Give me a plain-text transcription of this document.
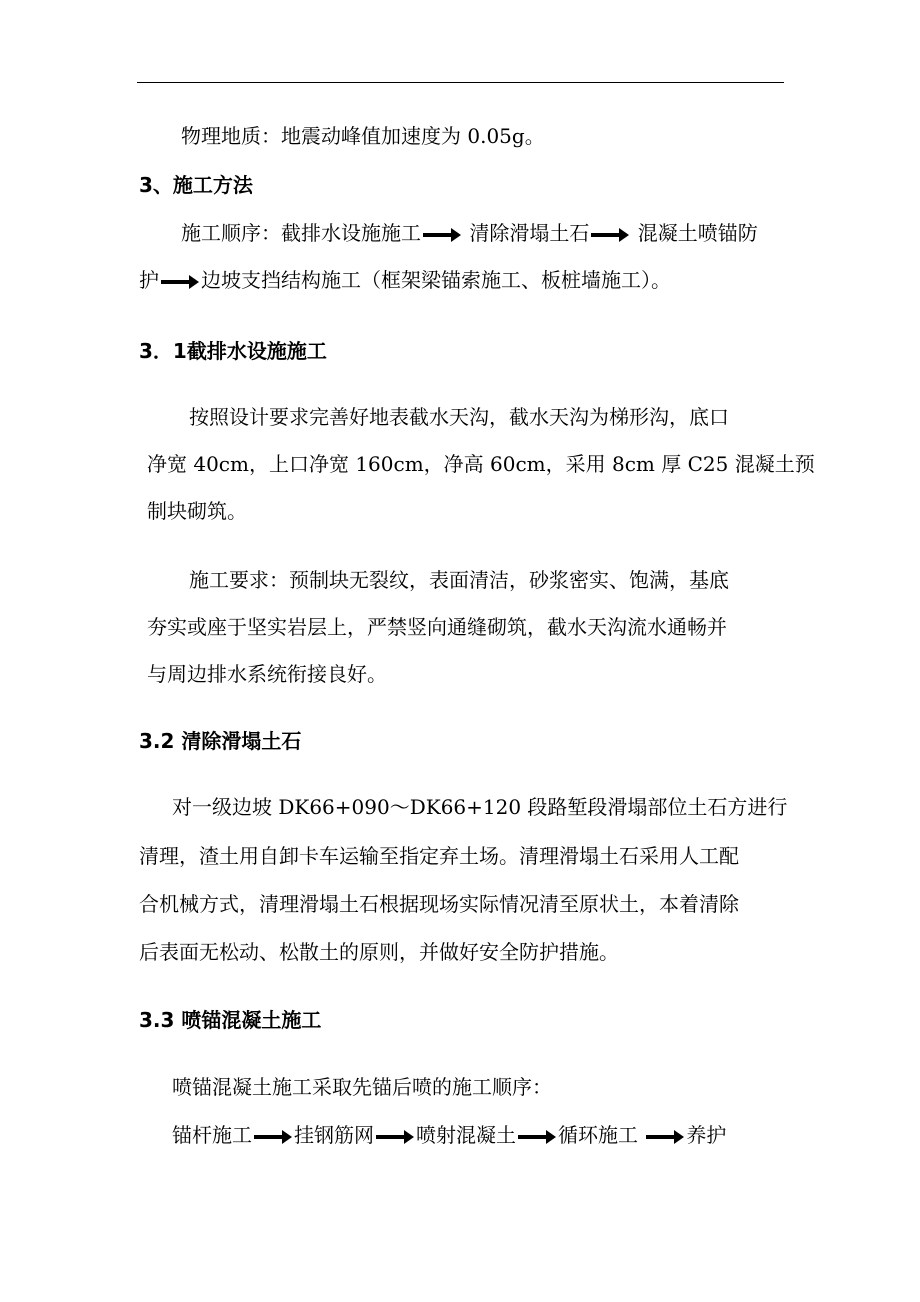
物理地质：地震动峰值加速度为 0.05g。
3、施工方法
施工顺序：截排水设施施工 清除滑塌土石 混凝土喷锚防
护 边坡支挡结构施工（框架梁锚索施工、板桩墙施工）。
3．1截排水设施施工
按照设计要求完善好地表截水天沟，截水天沟为梯形沟，底口
净宽 40cm，上口净宽 160cm，净高 60cm，采用 8cm 厚 C25 混凝土预
制块砌筑。
施工要求：预制块无裂纹，表面清洁，砂浆密实、饱满，基底
夯实或座于坚实岩层上，严禁竖向通缝砌筑，截水天沟流水通畅并
与周边排水系统衔接良好。
3.2 清除滑塌土石
对一级边坡 DK66+090～DK66+120 段路堑段滑塌部位土石方进行
清理，渣土用自卸卡车运输至指定弃土场。清理滑塌土石采用人工配
合机械方式，清理滑塌土石根据现场实际情况清至原状土，本着清除
后表面无松动、松散土的原则，并做好安全防护措施。
3.3 喷锚混凝土施工
喷锚混凝土施工采取先锚后喷的施工顺序：
锚杆施工 挂钢筋网 喷射混凝土 循环施工 养护
